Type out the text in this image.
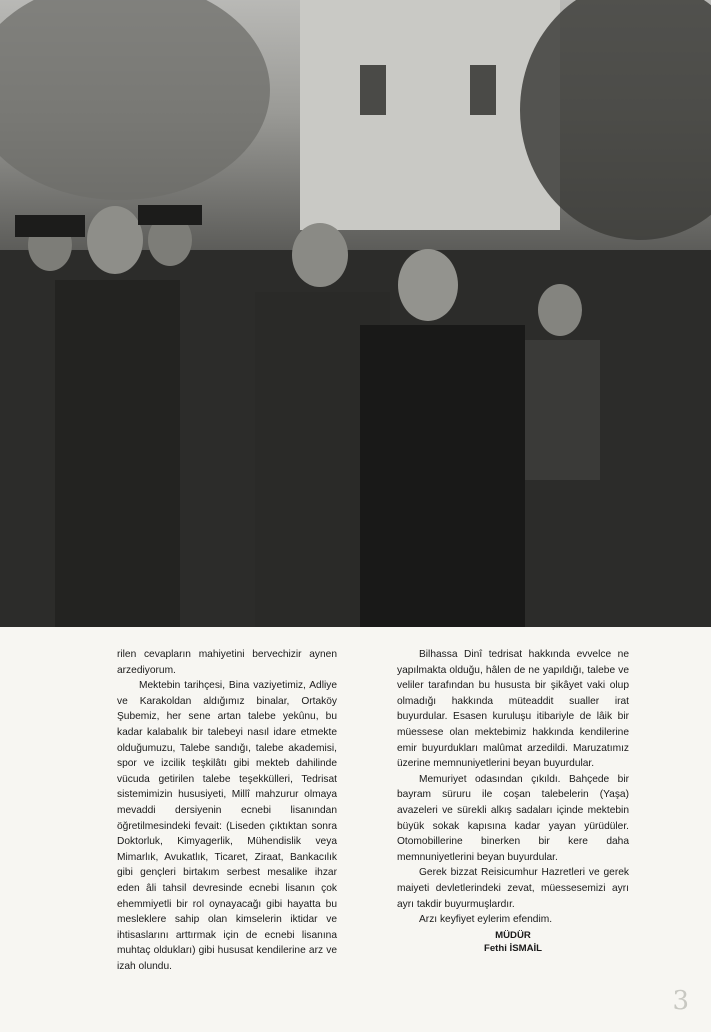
rilen cevapların mahiyetini bervechizir aynen arzediyorum.

Mektebin tarihçesi, Bina vaziyetimiz, Adliye ve Karakoldan aldığımız binalar, Ortaköy Şubemiz, her sene artan talebe yekûnu, bu kadar kalabalık bir talebeyi nasıl idare etmekte olduğumuzu, Talebe sandığı, talebe akademisi, spor ve izcilik teşkilâtı gibi mekteb dahilinde vücuda getirilen talebe teşekkülleri, Tedrisat sistemimizin hususiyeti, Millî mahzurur olmaya mevaddi dersiyenin ecnebi lisanından öğretilmesindeki fevait: (Liseden çıktıktan sonra Doktorluk, Kimyagerlik, Mühendislik veya Mimarlık, Avukatlık, Ticaret, Ziraat, Bankacılık gibi gençleri birtakım serbest mesalike ihzar eden âli tahsil devresinde ecnebi lisanın çok ehemmiyetli bir rol oynayacağı gibi hayatta bu mesleklere sahip olan kimselerin iktidar ve ihtisaslarını arttırmak için de ecnebi lisanına muhtaç oldukları) gibi hususat kendilerine arz ve izah olundu.

Bilhassa Dinî tedrisat hakkında evvelce ne yapılmakta olduğu, hâlen de ne yapıldığı, talebe ve veliler tarafından bu hususta bir şikâyet vaki olup olmadığı hakkında müteaddit sualler irat buyurdular. Esasen kuruluşu itibariyle de lâik bir müessese olan mektebimiz hakkında kendilerine emir buyurdukları malûmat arzedildi. Maruzatımız üzerine memnuniyetlerini beyan buyurdular.

Memuriyet odasından çıkıldı. Bahçede bir bayram süruru ile coşan talebelerin (Yaşa) avazeleri ve sürekli alkış sadaları içinde mektebin büyük sokak kapısına kadar yayan yürüdüler. Otomobillerine binerken bir kere daha memnuniyetlerini beyan buyurdular.

Gerek bizzat Reisicumhur Hazretleri ve gerek maiyeti devletlerindeki zevat, müessesemizi ayrı ayrı takdir buyurmuşlardır.

Arzı keyfiyet eylerim efendim.

MÜDÜR
Fethi İSMAİL
3
